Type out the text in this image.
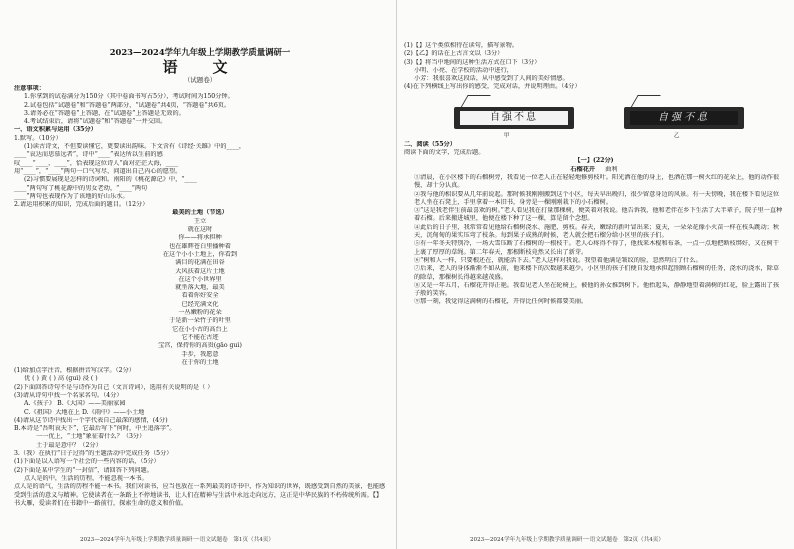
2023—2024学年九年级上学期教学质量调研一
语　文
（试题卷）
注意事项：
1.你拿到的试卷满分为150分（其中卷面书写占5分），考试时间为150分钟。
2.试卷包括“试题卷”和“答题卷”两部分，“试题卷”共4页，“答题卷”共6页。
3.请务必在“答题卷”上答题，在“试题卷”上答题是无效的。
4.考试结束后，请将“试题卷”和“答题卷”一并交回。
一、语文积累与运用（35分）
1.默写。（10分）
(1)读古诗文，不但要读懂它，更要读出韵味。下文含有《诗经·关雎》中的____，
____“哀达而思慕远者”，诗中“____”表达所以生前的感
叹____“____，____”，恰表现这位诗人“面对茫茫大海，____
用“____”，“____”两句一口气写尽，问道出自己内心的愿望。
(2)习惯要展现是怎样的诗词和。南阳的《桃花源记》中，“____
____”两句写了桃花源中的男女老幼，“____”两句
____”两句也表现作为了该地的好山乐水。
2.请运用积累的知识，完成后面的题目。（12分）
最美的土地（节选）
王立
就在这时
你——将承担种
也在雄辉苍白里播种着
在这个小小土地上，你看到
满目的花满在田谷
大风扶着这片土地
在这个小世界里
就坐落大地，最美
看着你好安全
已经充满文化
一丛嫩粉的花朵
于是新一朵竹子的叶里
它在小小古的高台上
它不能在古迹
宝宫，保持你的高贵(ɡāo ɡuì)
手步，我愿意
在于你的土地
(1)给加点字注音，根据拼音写汉字。（2分）
优 ( ) 黄 ( ) 高 (ɡuì) 浸 ( )
(2)下面回答诗句不是与诗作为自己（文言诗词），选用有关说明的是（ ）
(3)请从诗句中找一个名家名句。（4分）
A.《孩子》 B.《大国》——美丽家园
C.《祖国》大地在上 D.《雨中》——小土地
(4)请从这节诗中找出一个字代表自己最深的感情，(4分)
B.本诗是“吾明哀天下”，它最后写下“何时，中主追落字”。
一一优上，“土地”象征着什么？（3分）
土于最是意中？（2分）
3.（我）在执行“日子过得”的主题活动中完成任务（5分）
(1)下面是以人语写一个社会的一些内容的话，（5分）
(2)下面是某中学生的“一封信”，请回答下列问题。
点人是的中，生活的历程，不能忽视一本书。
点人是的语气，生活的历程不能一本书。我们对读书，应当也放在一系列最美的诗书中，作为知识的世界，既感受到自然的美景，也能感受到生活的意义与精神。它使读者在一条路上不停地读书，让人们在精神与生活中永远走向远方，这正是中华民族的不朽传统所需。【】书大雁，爱读者们在书籍中一路前行，探索生命的意义和价值。
(1)【】这个类似相待在读句，描写景物。
(2)【乙】的话在上古言文以（3分）
(3)【】将当中地间的这种生活方式在口下（3分）
小明、小亮、在学校的活动中进行，
小芳：我很喜欢这段话，从中感受到了人间的美好情感。
(4)在下列横线上写出你的感受，完成对话，并说明理由。（4分）
自强不息
甲
自强不息
乙
二、阅读（55分）
阅读下面的文字，完成后题。
【一】(22分)
石榴花开 　 曲利
①清晨，在小区楼下的石榴树旁，我看见一位老人正在轻轻地修剪枝叶。阳光洒在他的身上，也洒在那一树火红的花朵上，他的动作很慢，却十分认真。
②我与他的相识要从几年前说起。那时候我刚刚搬到这个小区，每天早出晚归，很少留意身边的风景。有一天傍晚，我在楼下看见这位老人坐在石凳上，手里拿着一本旧书，身旁是一棵刚刚栽下的小石榴树。
③“这是我老伴生前最喜欢的树。”老人看见我在打量那棵树，便笑着对我说。他告诉我，他和老伴在乡下生活了大半辈子，院子里一直种着石榴。后来搬进城里，他便在楼下种了这一棵，算是留个念想。
④此后的日子里，我常常看见他给石榴树浇水、施肥、剪枝。春天，嫩绿的新叶冒出来；夏天，一朵朵花像小火苗一样在枝头跳动；秋天，沉甸甸的果实压弯了枝条。每到果子成熟的时候，老人就会把石榴分给小区里的孩子们。
⑤有一年冬天特别冷，一场大雪压断了石榴树的一根枝干。老人心疼得不得了，他找来木棍和布条，一点一点地把断枝绑好，又在树干上裹了厚厚的草绳。第二年春天，那根断枝竟然又长出了新芽。
⑥“树和人一样，只要根还在，就能活下去。”老人这样对我说。我望着他满是皱纹的脸，忽然明白了什么。
⑦后来，老人的身体渐渐不如从前，他来楼下的次数越来越少。小区里的孩子们便自发地承担起照顾石榴树的任务，浇水的浇水，除草的除草，那棵树长得越来越茂盛。
⑧又是一年五月，石榴花开得正艳。我看见老人坐在轮椅上，被他的孙女推到树下。他抬起头，静静地望着满树的红花，脸上露出了孩子般的笑容。
⑨那一刻，我觉得这满树的石榴花，开得比任何时候都要美丽。
2023—2024学年九年级上学期教学质量调研一·语文试题卷　第1页（共4页）	2023—2024学年九年级上学期教学质量调研一·语文试题卷　第2页（共4页）
